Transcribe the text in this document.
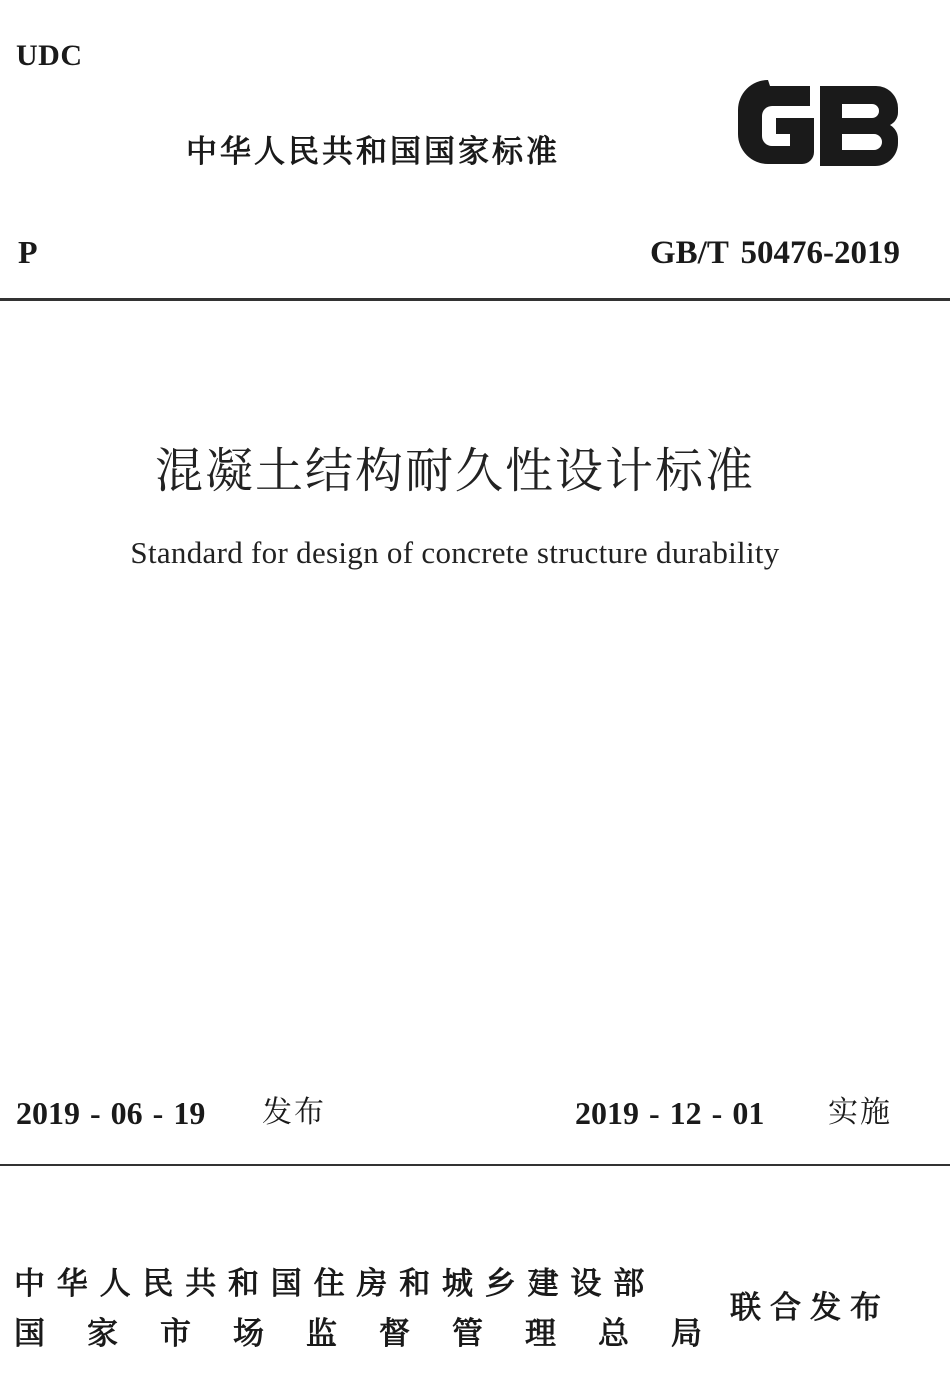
UDC
中华人民共和国国家标准
GB
P	GB/T 50476-2019
混凝土结构耐久性设计标准
Standard for design of concrete structure durability
2019 - 06 - 19 发布	2019 - 12 - 01 实施
中华人民共和国住房和城乡建设部
国家市场监督管理总局
联合发布
